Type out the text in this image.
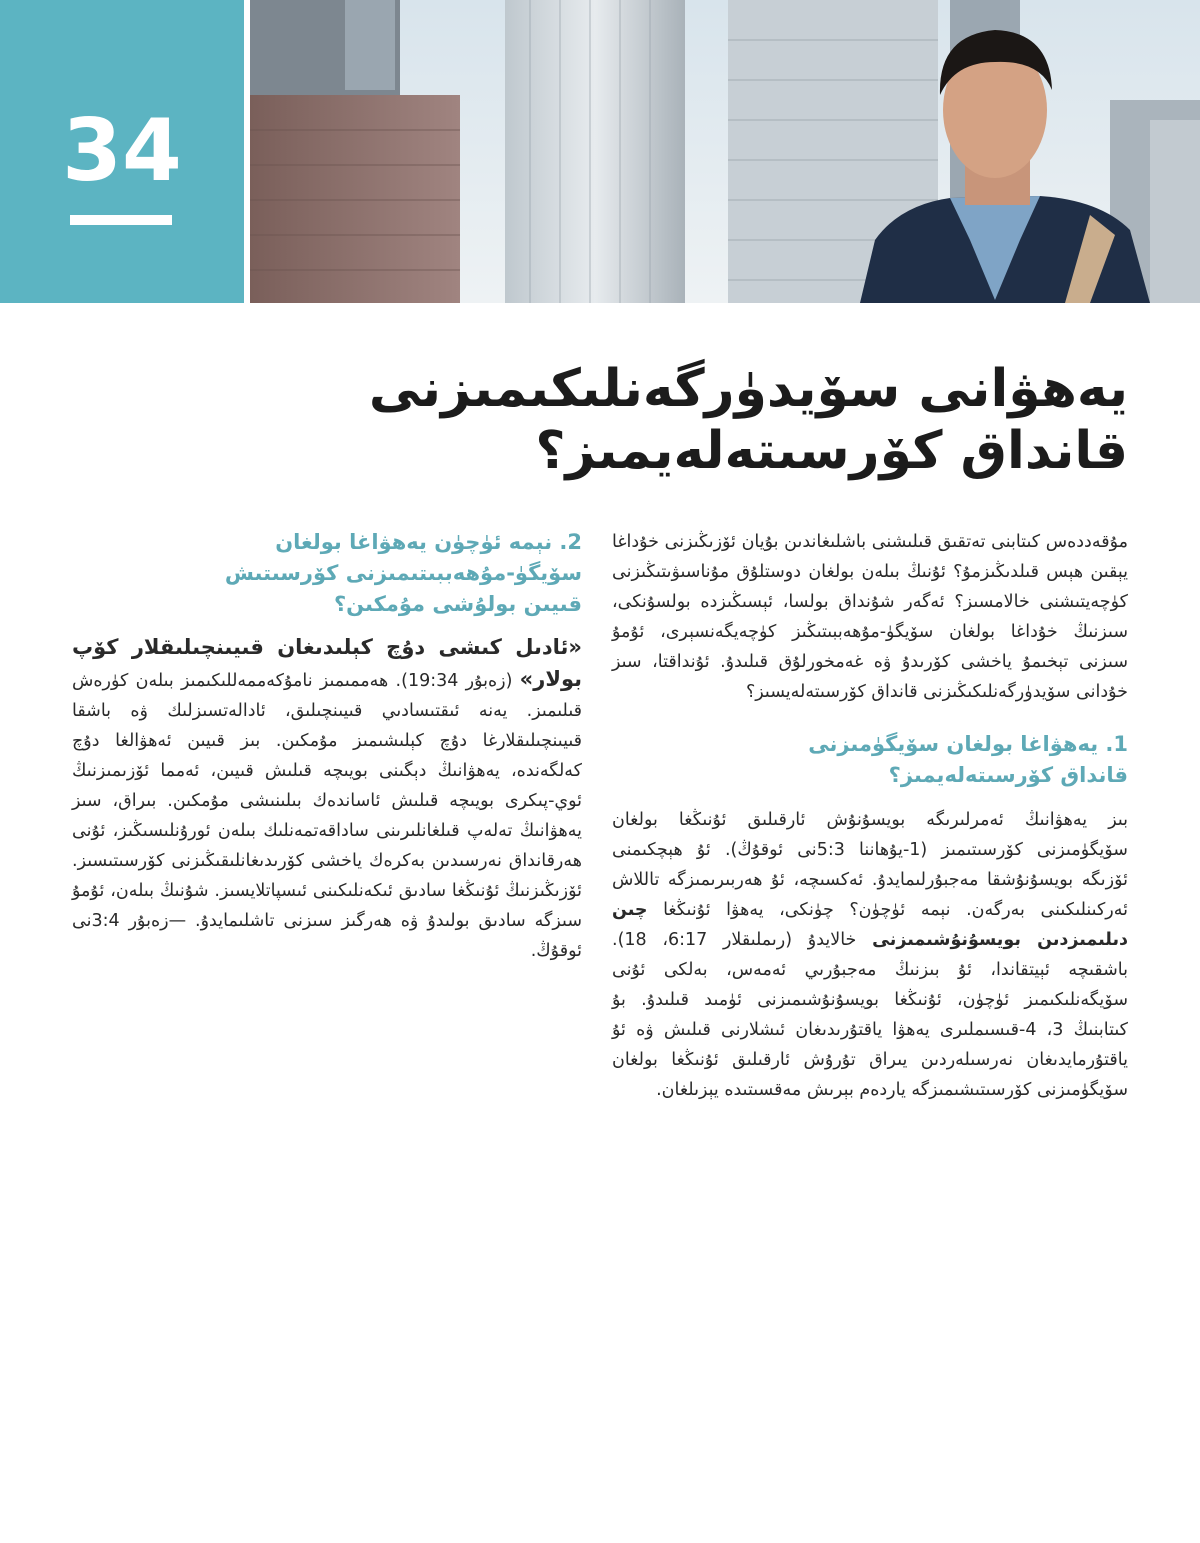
34
يەھۋانى سۆيدۈرگەنلىكىمىزنى
قانداق كۆرسىتەلەيمىز؟

مۇقەددەس كىتابنى تەتقىق قىلىشنى باشلىغاندىن بۇيان ئۆزىڭىزنى خۇداغا يېقىن ھېس قىلدىڭىزمۇ؟ ئۇنىڭ بىلەن بولغان دوستلۇق مۇناسىۋىتىڭىزنى كۈچەيتىشنى خالامسىز؟ ئەگەر شۇنداق بولسا، ئېسىڭىزدە بولسۇنكى، سىزنىڭ خۇداغا بولغان سۆيگۈ-مۇھەببىتىڭىز كۈچەيگەنسېرى، ئۇمۇ سىزنى تېخىمۇ ياخشى كۆرىدۇ ۋە غەمخورلۇق قىلىدۇ. ئۇنداقتا، سىز خۇدانى سۆيدۈرگەنلىكىڭىزنى قانداق كۆرسىتەلەيسىز؟

1. يەھۋاغا بولغان سۆيگۈمىزنى
قانداق كۆرسىتەلەيمىز؟

بىز يەھۋانىڭ ئەمرلىرىگە بويسۇنۇش ئارقىلىق ئۇنىڭغا بولغان سۆيگۈمىزنى كۆرسىتىمىز (1-يۇھاننا 5:3نى ئوقۇڭ). ئۇ ھېچكىمنى ئۆزىگە بويسۇنۇشقا مەجبۇرلىمايدۇ. ئەكسىچە، ئۇ ھەربىرىمىزگە تاللاش ئەركىنلىكىنى بەرگەن. نېمە ئۈچۈن؟ چۈنكى، يەھۋا ئۇنىڭغا چىن دىلىمىزدىن بويسۇنۇشىمىزنى خالايدۇ (رىملىقلار 6:17، 18). باشقىچە ئېيتقاندا، ئۇ بىزنىڭ مەجبۇرىي ئەمەس، بەلكى ئۇنى سۆيگەنلىكىمىز ئۈچۈن، ئۇنىڭغا بويسۇنۇشىمىزنى ئۈمىد قىلىدۇ. بۇ كىتابنىڭ 3، 4-قىسىملىرى يەھۋا ياقتۇرىدىغان ئىشلارنى قىلىش ۋە ئۇ ياقتۇرمايدىغان نەرسىلەردىن يىراق تۇرۇش ئارقىلىق ئۇنىڭغا بولغان سۆيگۈمىزنى كۆرسىتىشىمىزگە ياردەم بېرىش مەقسىتىدە يېزىلغان.

2. نېمە ئۈچۈن يەھۋاغا بولغان
سۆيگۈ-مۇھەببىتىمىزنى كۆرسىتىش
قىيىن بولۇشى مۇمكىن؟

«ئادىل كىشى دۇچ كېلىدىغان قىيىنچىلىقلار كۆپ بولار» (زەبۇر 19:34). ھەممىمىز نامۇكەممەللىكىمىز بىلەن كۈرەش قىلىمىز. يەنە ئىقتىسادىي قىيىنچىلىق، ئادالەتسىزلىك ۋە باشقا قىيىنچىلىقلارغا دۇچ كېلىشىمىز مۇمكىن. بىز قىيىن ئەھۋالغا دۇچ كەلگەندە، يەھۋانىڭ دېگىنى بويىچە قىلىش قىيىن، ئەمما ئۆزىمىزنىڭ ئوي-پىكرى بويىچە قىلىش ئاساندەك بىلىنىشى مۇمكىن. بىراق، سىز يەھۋانىڭ تەلەپ قىلغانلىرىنى ساداقەتمەنلىك بىلەن ئورۇنلىسىڭىز، ئۇنى ھەرقانداق نەرسىدىن بەكرەك ياخشى كۆرىدىغانلىقىڭىزنى كۆرسىتىسىز. ئۆزىڭىزنىڭ ئۇنىڭغا سادىق ئىكەنلىكىنى ئىسپاتلايسىز. شۇنىڭ بىلەن، ئۇمۇ سىزگە سادىق بولىدۇ ۋە ھەرگىز سىزنى تاشلىمايدۇ. —زەبۇر 3:4نى ئوقۇڭ.
